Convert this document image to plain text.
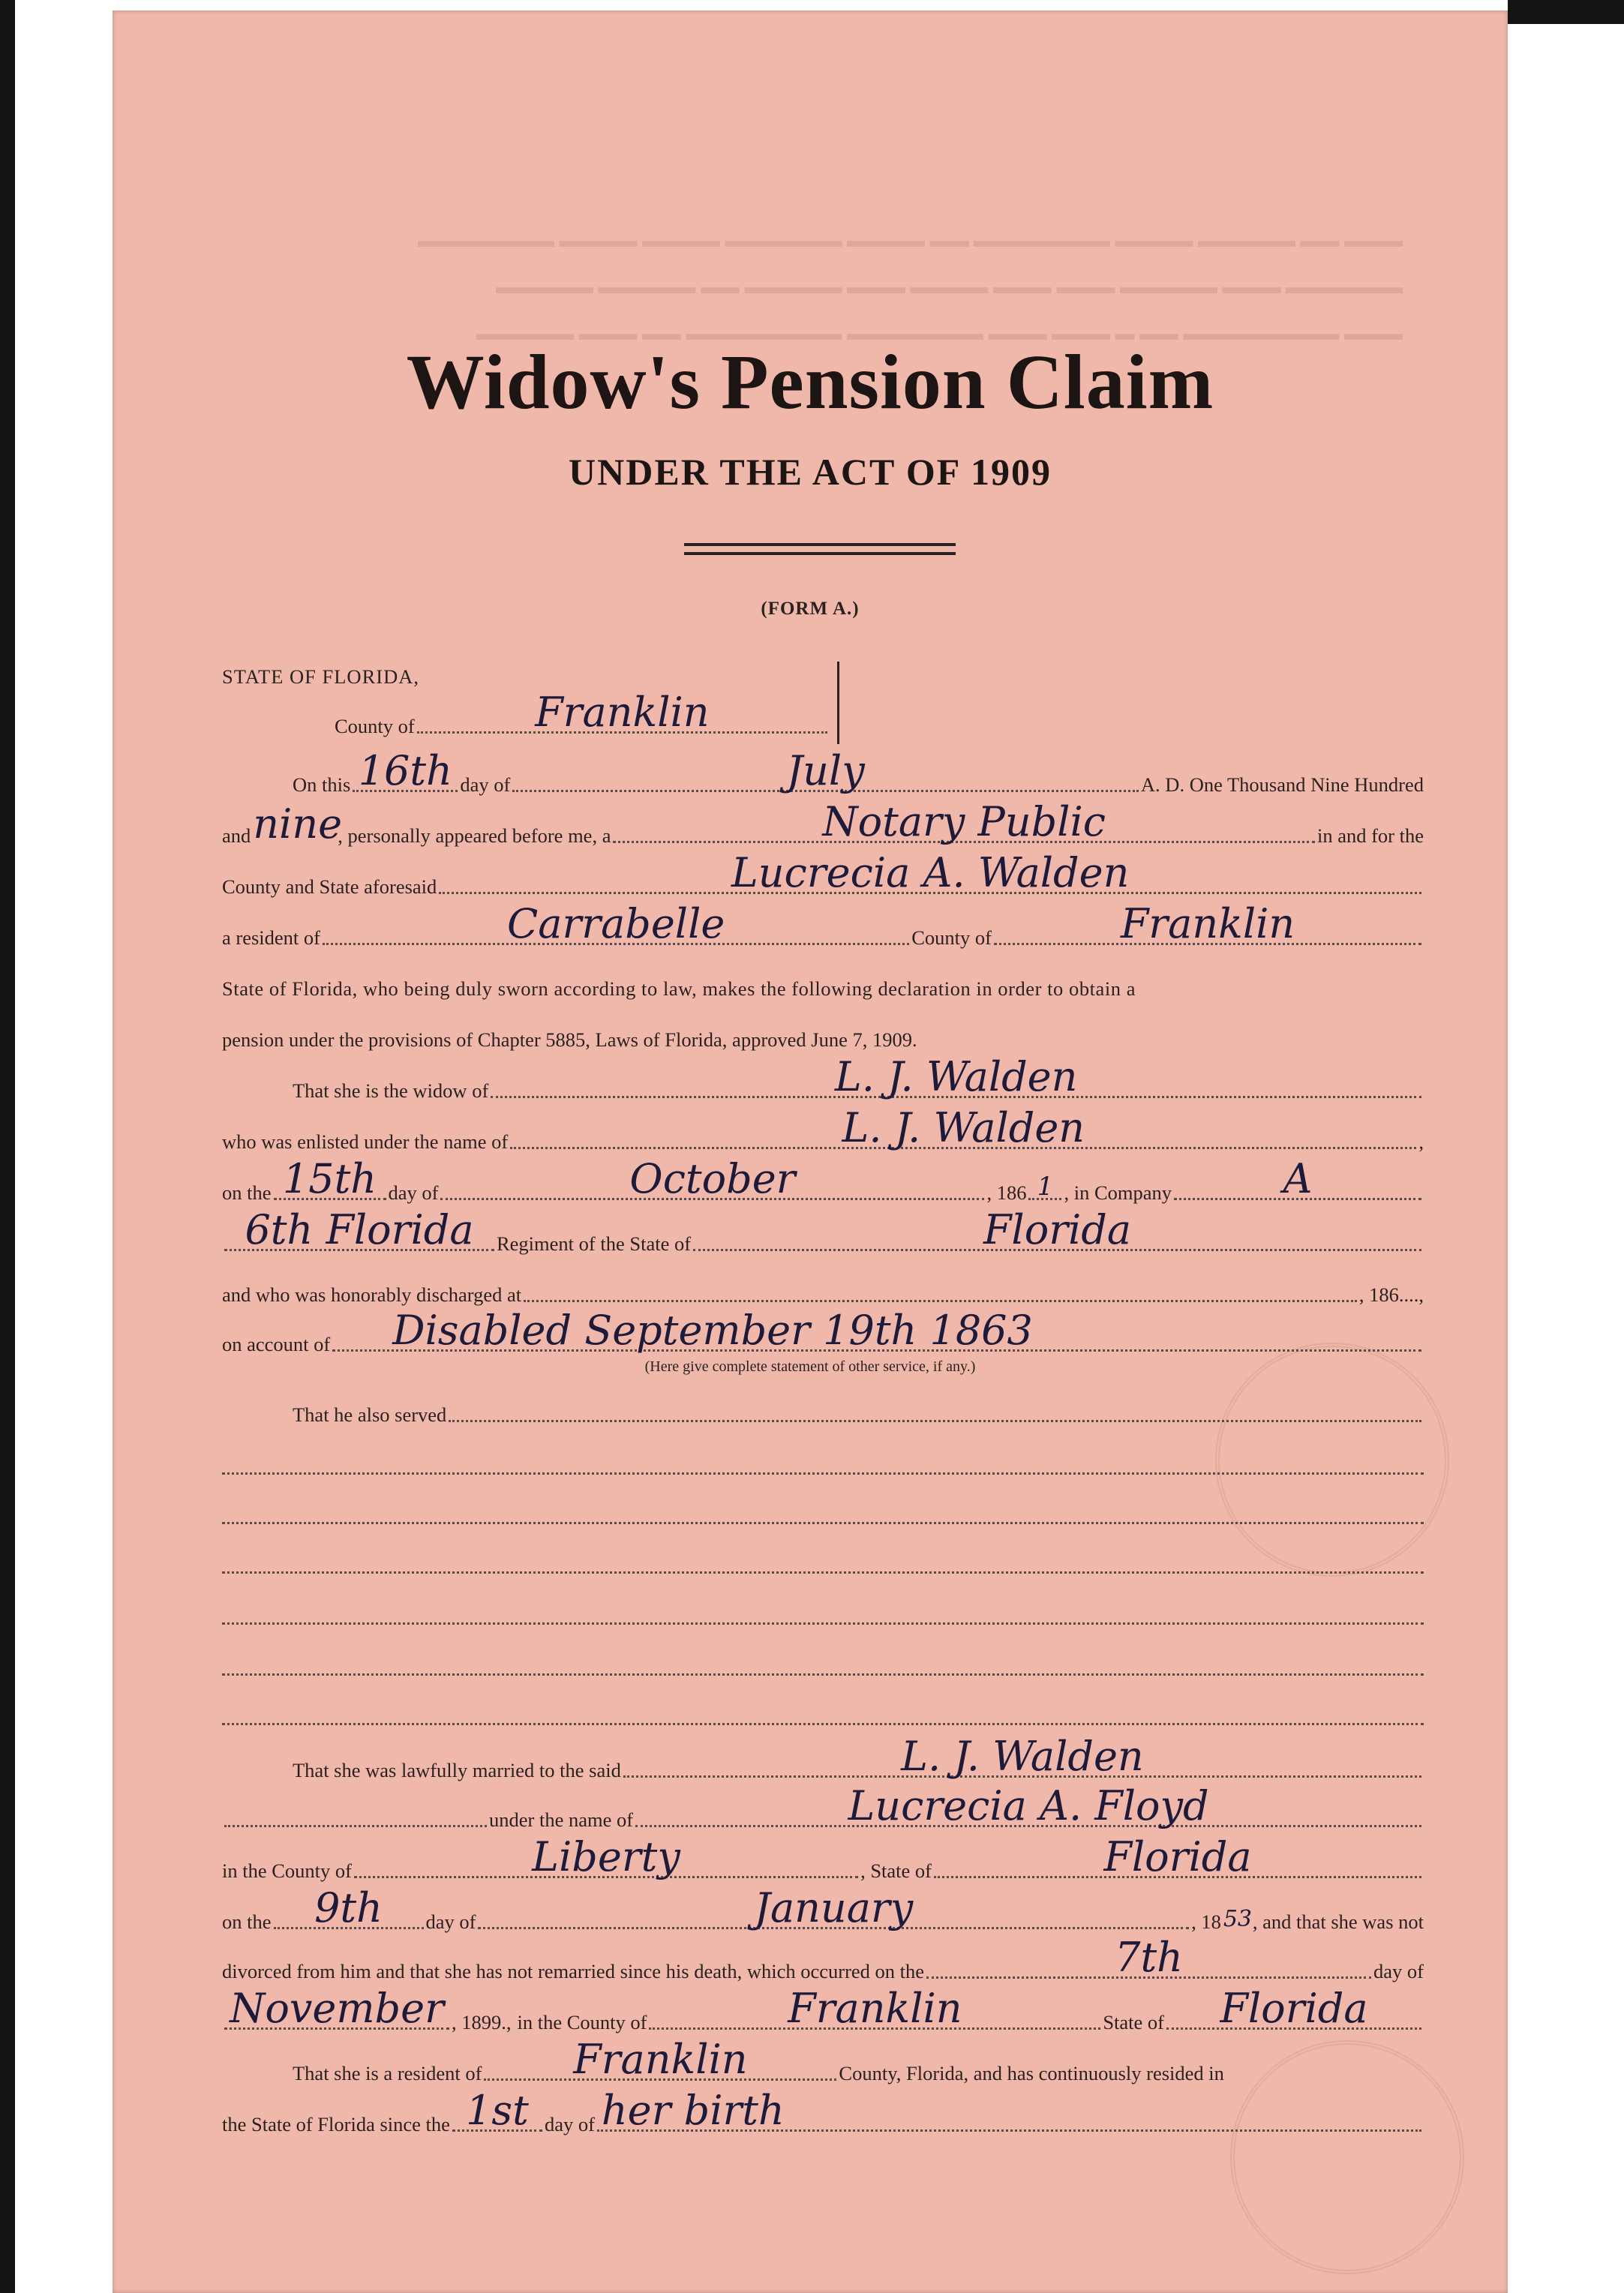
▬▬▬ ▬▬ ▬▬▬▬▬ ▬▬▬▬ ▬▬▬▬▬▬▬ ▬▬ ▬▬▬▬ ▬▬▬▬▬▬ ▬▬▬▬ ▬▬▬▬ ▬▬▬▬▬▬▬
▬▬▬▬▬▬ ▬▬▬ ▬▬▬▬▬ ▬▬▬ ▬▬▬ ▬▬▬▬ ▬▬▬ ▬▬▬▬▬ ▬▬ ▬▬▬▬▬ ▬▬▬▬▬
▬▬▬ ▬▬▬▬▬▬▬▬ ▬▬ ▬ ▬▬▬ ▬▬▬ ▬▬▬▬▬▬▬ ▬▬▬▬▬▬▬▬ ▬▬ ▬▬▬ ▬▬▬▬▬
Widow's Pension Claim
UNDER THE ACT OF 1909
(FORM A.)
STATE OF FLORIDA,
County of	Franklin
On this 16th day of	July	A. D. One Thousand Nine Hundred
and nine
, personally appeared before me, a	Notary Public	in and for the
County and State aforesaid	Lucrecia A. Walden
a resident of	Carrabelle	County of	Franklin
State of Florida, who being duly sworn according to law, makes the following declaration in order to obtain a
pension under the provisions of Chapter 5885, Laws of Florida, approved June 7, 1909.
That she is the widow of	L. J. Walden
who was enlisted under the name of	L. J. Walden	,
on the 15th day of	October	, 186 1 , in Company	A
6th Florida	Regiment of the State of	Florida
and who was honorably discharged at	, 186....,
on account of Disabled September 19th 1863
(Here give complete statement of other service, if any.)
That he also served
That she was lawfully married to the said	L. J. Walden
under the name of	Lucrecia A. Floyd
in the County of	Liberty	, State of	Florida
on the	9th	day of	January	, 18 53 , and that she was not
divorced from him and that she has not remarried since his death, which occurred on the	7th	day of
November , 1899., in the County of	Franklin	State of	Florida
That she is a resident of	Franklin	County, Florida, and has continuously resided in
the State of Florida since the 1st day of her birth
